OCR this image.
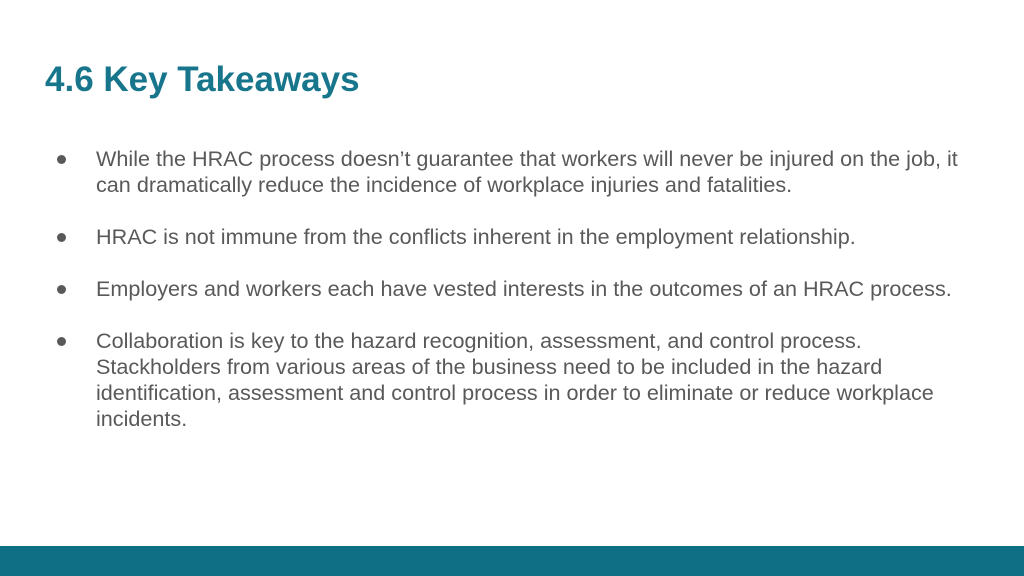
4.6 Key Takeaways
While the HRAC process doesn’t guarantee that workers will never be injured on the job, it can dramatically reduce the incidence of workplace injuries and fatalities.
HRAC is not immune from the conflicts inherent in the employment relationship.
Employers and workers each have vested interests in the outcomes of an HRAC process.
Collaboration is key to the hazard recognition, assessment, and control process. Stackholders from various areas of the business need to be included in the hazard identification, assessment and control process in order to eliminate or reduce workplace incidents.
